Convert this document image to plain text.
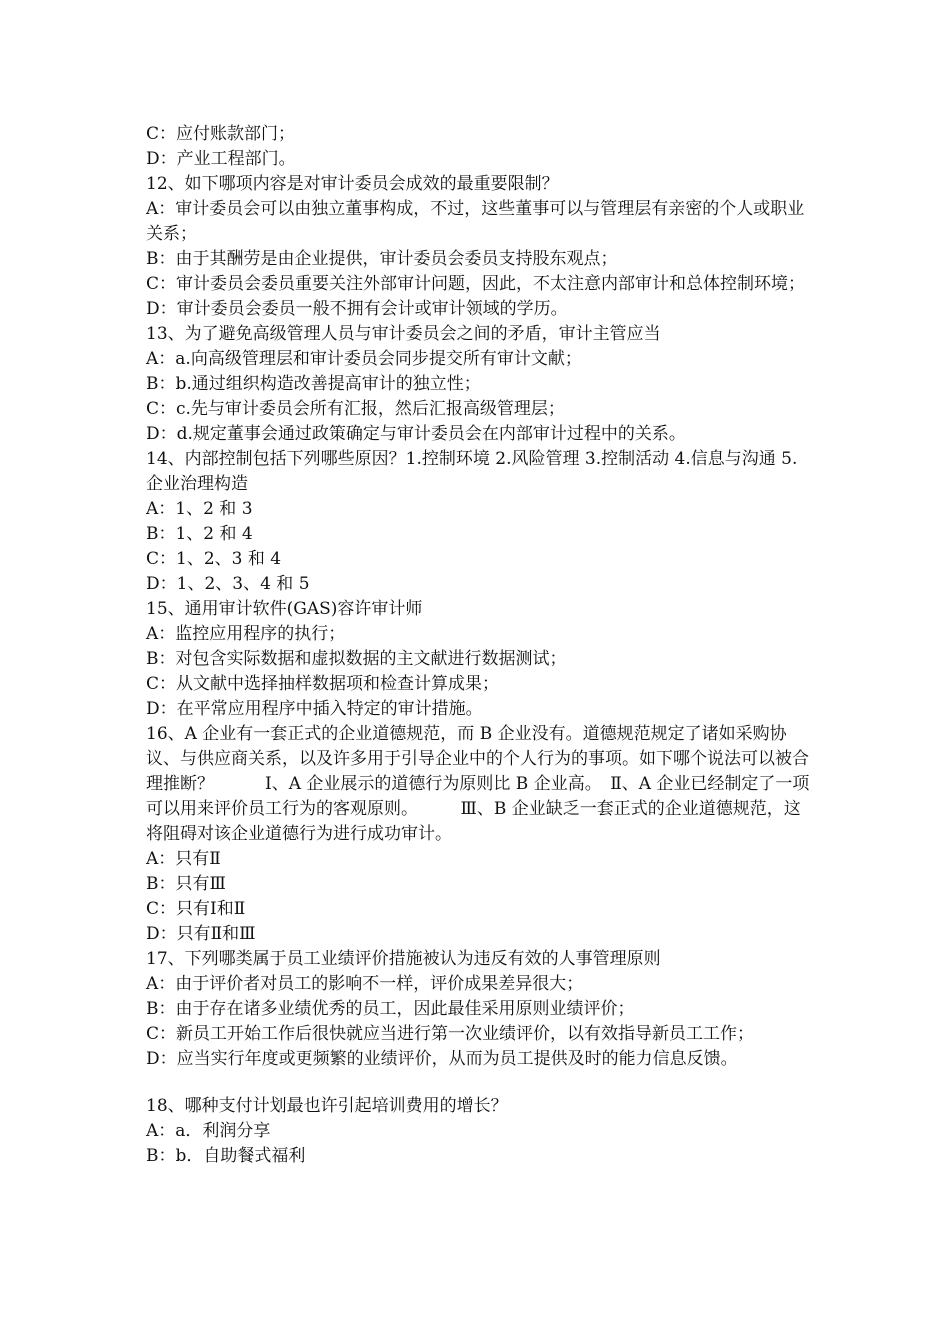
C：应付账款部门；

D：产业工程部门。

12、如下哪项内容是对审计委员会成效的最重要限制？

A：审计委员会可以由独立董事构成，不过，这些董事可以与管理层有亲密的个人或职业关系；

B：由于其酬劳是由企业提供，审计委员会委员支持股东观点；

C：审计委员会委员重要关注外部审计问题，因此，不太注意内部审计和总体控制环境；

D：审计委员会委员一般不拥有会计或审计领域的学历。

13、为了避免高级管理人员与审计委员会之间的矛盾，审计主管应当

A：a.向高级管理层和审计委员会同步提交所有审计文献；

B：b.通过组织构造改善提高审计的独立性；

C：c.先与审计委员会所有汇报，然后汇报高级管理层；

D：d.规定董事会通过政策确定与审计委员会在内部审计过程中的关系。

14、内部控制包括下列哪些原因？1.控制环境 2.风险管理 3.控制活动 4.信息与沟通 5.企业治理构造

A：1、2 和 3

B：1、2 和 4

C：1、2、3 和 4

D：1、2、3、4 和 5

15、通用审计软件(GAS)容许审计师

A：监控应用程序的执行；

B：对包含实际数据和虚拟数据的主文献进行数据测试；

C：从文献中选择抽样数据项和检查计算成果；

D：在平常应用程序中插入特定的审计措施。

16、A 企业有一套正式的企业道德规范，而 B 企业没有。道德规范规定了诸如采购协议、与供应商关系，以及许多用于引导企业中的个人行为的事项。如下哪个说法可以被合理推断？　　　Ⅰ、A 企业展示的道德行为原则比 B 企业高。　Ⅱ、A 企业已经制定了一项可以用来评价员工行为的客观原则。　　　Ⅲ、B 企业缺乏一套正式的企业道德规范，这将阻碍对该企业道德行为进行成功审计。

A：只有Ⅱ

B：只有Ⅲ

C：只有Ⅰ和Ⅱ

D：只有Ⅱ和Ⅲ

17、下列哪类属于员工业绩评价措施被认为违反有效的人事管理原则

A：由于评价者对员工的影响不一样，评价成果差异很大；

B：由于存在诸多业绩优秀的员工，因此最佳采用原则业绩评价；

C：新员工开始工作后很快就应当进行第一次业绩评价，以有效指导新员工工作；

D：应当实行年度或更频繁的业绩评价，从而为员工提供及时的能力信息反馈。

18、哪种支付计划最也许引起培训费用的增长？

A：a．利润分享

B：b．自助餐式福利
